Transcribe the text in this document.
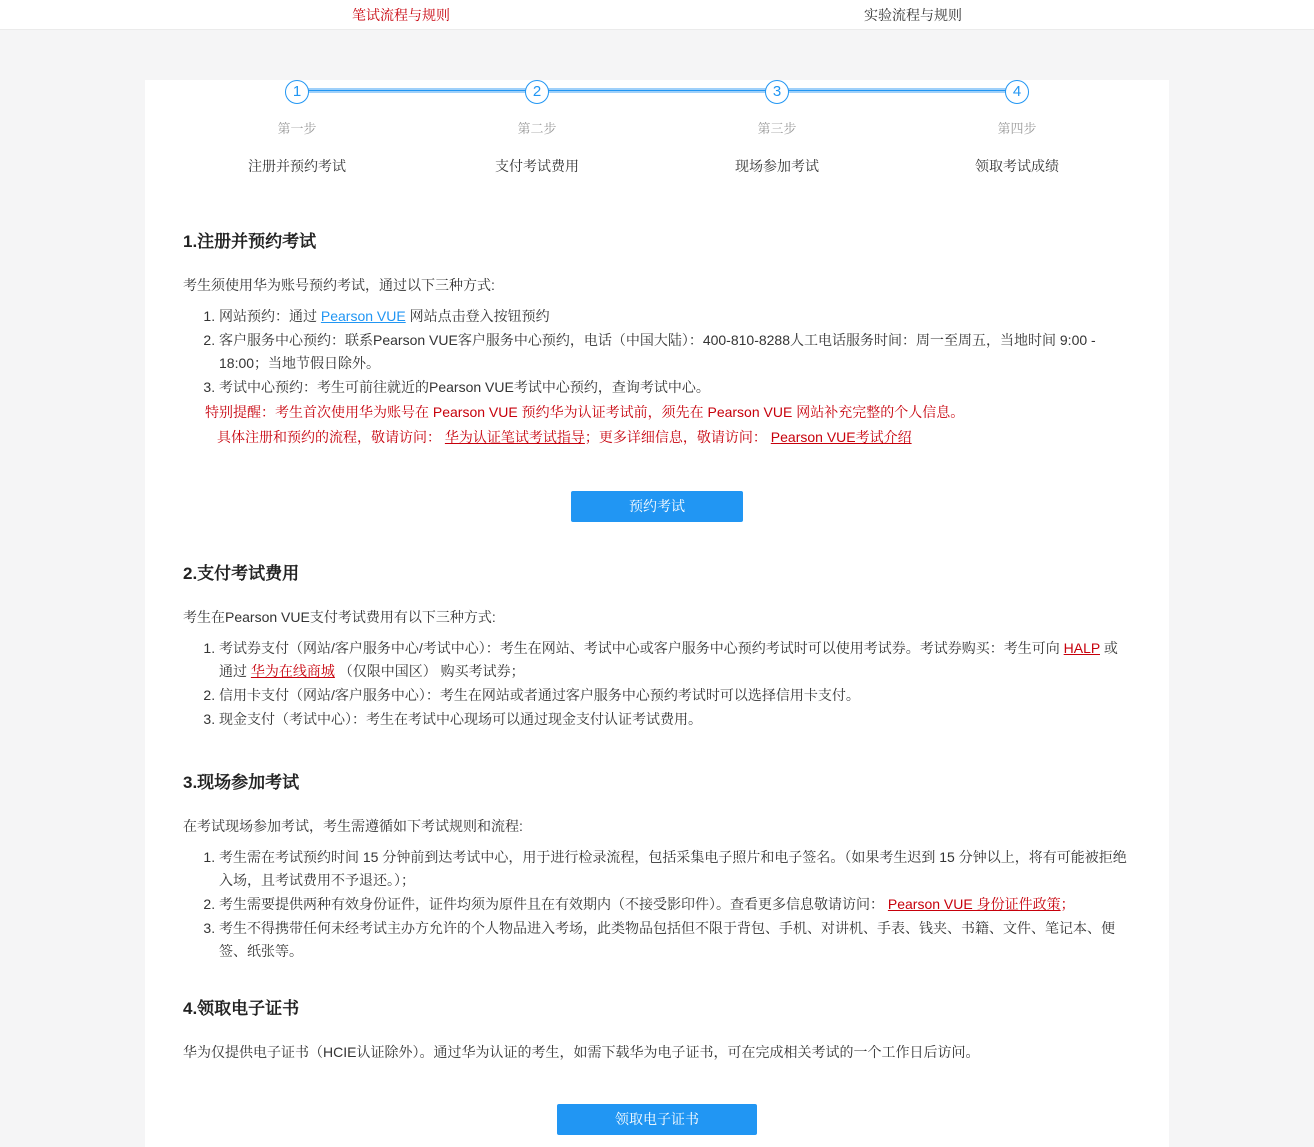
笔试流程与规则	实验流程与规则
1	2	3	4
第一步	第二步	第三步	第四步
注册并预约考试	支付考试费用	现场参加考试	领取考试成绩
1.注册并预约考试

考生须使用华为账号预约考试，通过以下三种方式:

1. 网站预约：通过 Pearson VUE 网站点击登入按钮预约
2. 客户服务中心预约：联系Pearson VUE客户服务中心预约，电话（中国大陆）：400-810-8288人工电话服务时间：周一至周五，当地时间 9:00 - 18:00；当地节假日除外。
3. 考试中心预约：考生可前往就近的Pearson VUE考试中心预约，查询考试中心。

特别提醒：考生首次使用华为账号在 Pearson VUE 预约华为认证考试前，须先在 Pearson VUE 网站补充完整的个人信息。

具体注册和预约的流程，敬请访问： 华为认证笔试考试指导；更多详细信息，敬请访问： Pearson VUE考试介绍

预约考试
2.支付考试费用

考生在Pearson VUE支付考试费用有以下三种方式:

1. 考试券支付（网站/客户服务中心/考试中心）：考生在网站、考试中心或客户服务中心预约考试时可以使用考试券。考试券购买：考生可向 HALP 或通过 华为在线商城 （仅限中国区） 购买考试券；
2. 信用卡支付（网站/客户服务中心）：考生在网站或者通过客户服务中心预约考试时可以选择信用卡支付。
3. 现金支付（考试中心）：考生在考试中心现场可以通过现金支付认证考试费用。
3.现场参加考试

在考试现场参加考试，考生需遵循如下考试规则和流程:

1. 考生需在考试预约时间 15 分钟前到达考试中心，用于进行检录流程，包括采集电子照片和电子签名。（如果考生迟到 15 分钟以上，将有可能被拒绝入场，且考试费用不予退还。）；
2. 考生需要提供两种有效身份证件，证件均须为原件且在有效期内（不接受影印件）。查看更多信息敬请访问： Pearson VUE 身份证件政策；
3. 考生不得携带任何未经考试主办方允许的个人物品进入考场，此类物品包括但不限于背包、手机、对讲机、手表、钱夹、书籍、文件、笔记本、便签、纸张等。
4.领取电子证书

华为仅提供电子证书（HCIE认证除外）。通过华为认证的考生，如需下载华为电子证书，可在完成相关考试的一个工作日后访问。

领取电子证书
